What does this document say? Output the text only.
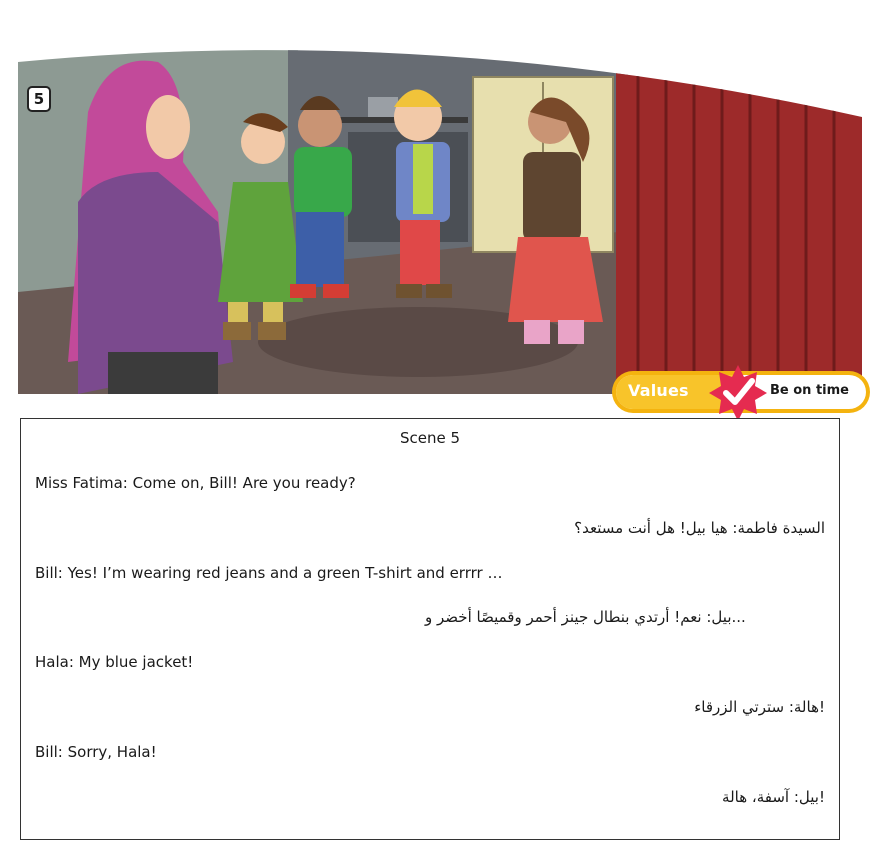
5
Values	Be on time
Scene 5
Miss Fatima: Come on, Bill! Are you ready?
السيدة فاطمة: هيا بيل! هل أنت مستعد؟
Bill: Yes! I’m wearing red jeans and a green T-shirt and errrr …
...بيل: نعم! أرتدي بنطال جينز أحمر وقميصًا أخضر و
Hala: My blue jacket!
!هالة: سترتي الزرقاء
Bill: Sorry, Hala!
!بيل: آسفة، هالة
